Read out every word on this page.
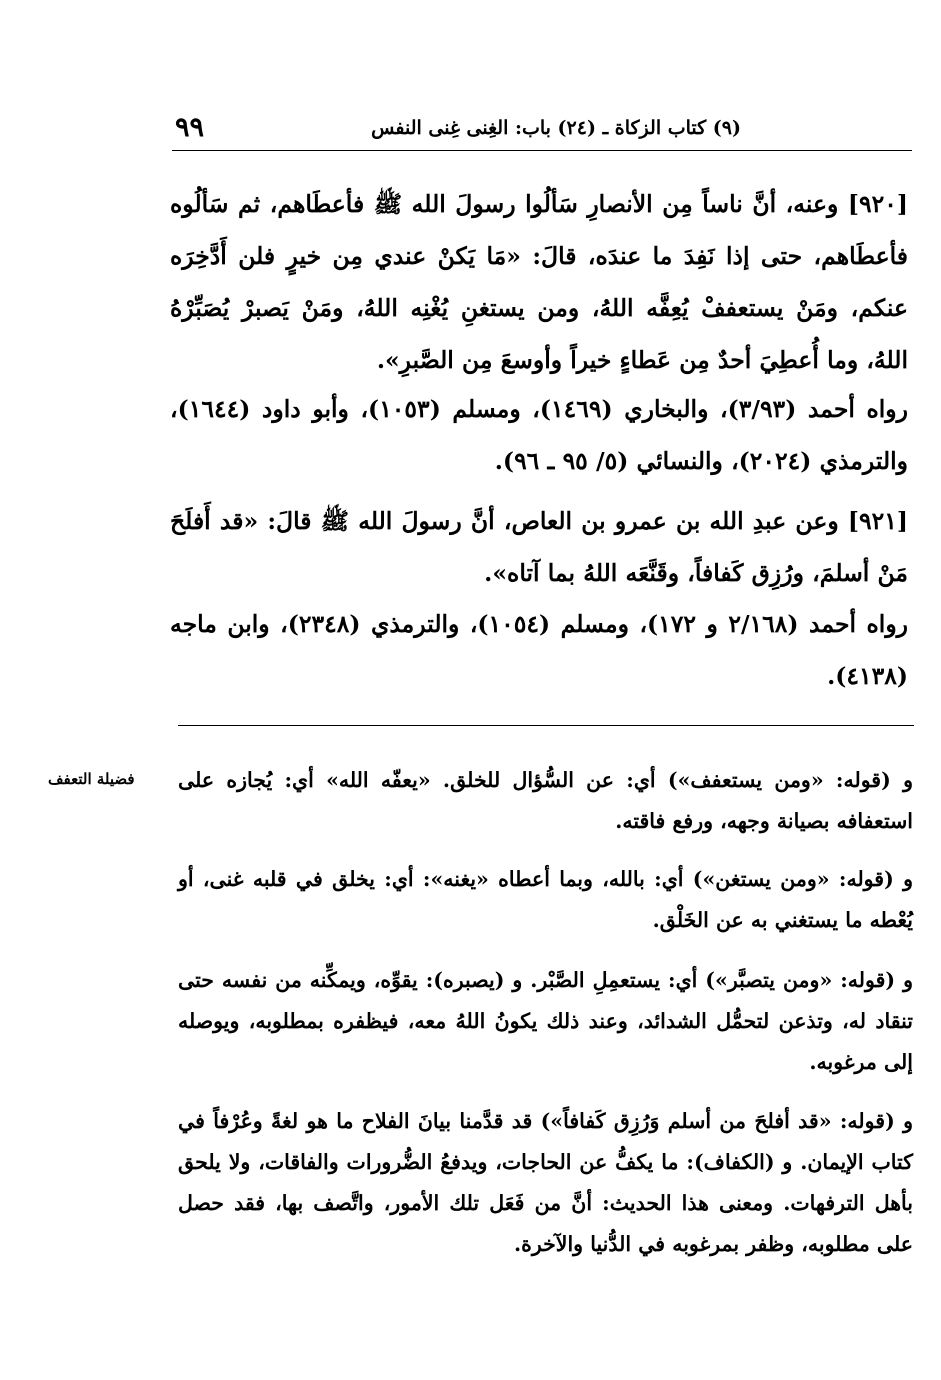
٩٩	(٩) كتاب الزكاة ـ (٢٤) باب: الغِنى غِنى النفس

[٩٢٠] وعنه، أنَّ ناساً مِن الأنصارِ سَألُوا رسولَ الله ﷺ فأعطَاهم، ثم سَألُوه فأعطَاهم، حتى إذا نَفِدَ ما عندَه، قالَ: «مَا يَكنْ عندي مِن خيرٍ فلن أَدَّخِرَه عنكم، ومَنْ يستعففْ يُعِفَّه اللهُ، ومن يستغنِ يُغْنِه اللهُ، ومَنْ يَصبرْ يُصَبِّرْهُ اللهُ، وما أُعطِيَ أحدٌ مِن عَطاءٍ خيراً وأوسعَ مِن الصَّبرِ».

رواه أحمد (٣/٩٣)، والبخاري (١٤٦٩)، ومسلم (١٠٥٣)، وأبو داود (١٦٤٤)، والترمذي (٢٠٢٤)، والنسائي (٥/ ٩٥ ـ ٩٦).

[٩٢١] وعن عبدِ الله بن عمرو بن العاص، أنَّ رسولَ الله ﷺ قالَ: «قد أَفلَحَ مَنْ أسلمَ، ورُزِق كَفافاً، وقَنَّعَه اللهُ بما آتاه».

رواه أحمد (٢/١٦٨ و ١٧٢)، ومسلم (١٠٥٤)، والترمذي (٢٣٤٨)، وابن ماجه (٤١٣٨).

فضيلة التعفف و (قوله: «ومن يستعفف») أي: عن السُّؤال للخلق. «يعفّه الله» أي: يُجازه على استعفافه بصيانة وجهه، ورفع فاقته.

و (قوله: «ومن يستغن») أي: بالله، وبما أعطاه «يغنه»: أي: يخلق في قلبه غنى، أو يُعْطه ما يستغني به عن الخَلْق.

و (قوله: «ومن يتصبَّر») أي: يستعمِلِ الصَّبْر. و (يصبره): يقوِّه، ويمكِّنه من نفسه حتى تنقاد له، وتذعن لتحمُّل الشدائد، وعند ذلك يكونُ اللهُ معه، فيظفره بمطلوبه، ويوصله إلى مرغوبه.

و (قوله: «قد أفلحَ من أسلم وَرُزِق كَفافاً») قد قدَّمنا بيانَ الفلاح ما هو لغةً وعُرْفاً في كتاب الإيمان. و (الكفاف): ما يكفُّ عن الحاجات، ويدفعُ الضُّرورات والفاقات، ولا يلحق بأهل الترفهات. ومعنى هذا الحديث: أنَّ من فَعَل تلك الأمور، واتَّصف بها، فقد حصل على مطلوبه، وظفر بمرغوبه في الدُّنيا والآخرة.
